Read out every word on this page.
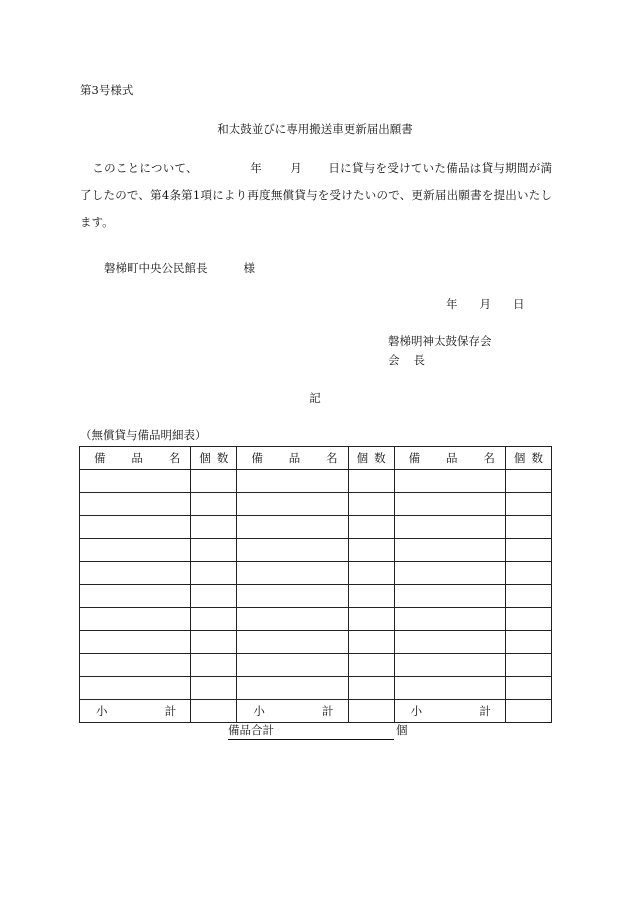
第3号様式
和太鼓並びに専用搬送車更新届出願書
このことについて、	年 月 日に貸与を受けていた備品は貸与期間が満了したので、第4条第1項により再度無償貸与を受けたいので、更新届出願書を提出いたします。
磐梯町中央公民館長	様
年 月 日
磐梯明神太鼓保存会
会 長
記
（無償貸与備品明細表）
備品名	個数	備品名	個数	備品名	個数

小計		小計		小計	
備品合計	個
